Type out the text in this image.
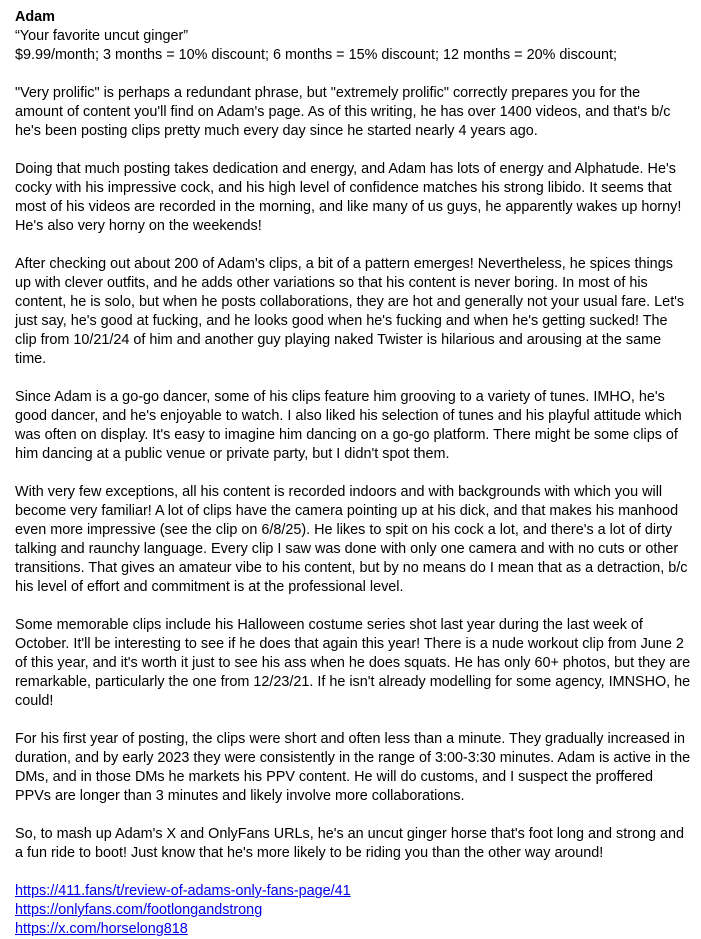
Adam

“Your favorite uncut ginger”

$9.99/month; 3 months = 10% discount; 6 months = 15% discount; 12 months = 20% discount;

"Very prolific" is perhaps a redundant phrase, but "extremely prolific" correctly prepares you for the amount of content you'll find on Adam's page. As of this writing, he has over 1400 videos, and that's b/c he's been posting clips pretty much every day since he started nearly 4 years ago.

Doing that much posting takes dedication and energy, and Adam has lots of energy and Alphatude. He's cocky with his impressive cock, and his high level of confidence matches his strong libido. It seems that most of his videos are recorded in the morning, and like many of us guys, he apparently wakes up horny! He's also very horny on the weekends!

After checking out about 200 of Adam's clips, a bit of a pattern emerges! Nevertheless, he spices things up with clever outfits, and he adds other variations so that his content is never boring. In most of his content, he is solo, but when he posts collaborations, they are hot and generally not your usual fare. Let's just say, he's good at fucking, and he looks good when he's fucking and when he's getting sucked! The clip from 10/21/24 of him and another guy playing naked Twister is hilarious and arousing at the same time.

Since Adam is a go-go dancer, some of his clips feature him grooving to a variety of tunes. IMHO, he's good dancer, and he's enjoyable to watch. I also liked his selection of tunes and his playful attitude which was often on display. It's easy to imagine him dancing on a go-go platform. There might be some clips of him dancing at a public venue or private party, but I didn't spot them.

With very few exceptions, all his content is recorded indoors and with backgrounds with which you will become very familiar! A lot of clips have the camera pointing up at his dick, and that makes his manhood even more impressive (see the clip on 6/8/25). He likes to spit on his cock a lot, and there's a lot of dirty talking and raunchy language. Every clip I saw was done with only one camera and with no cuts or other transitions. That gives an amateur vibe to his content, but by no means do I mean that as a detraction, b/c his level of effort and commitment is at the professional level.

Some memorable clips include his Halloween costume series shot last year during the last week of October. It'll be interesting to see if he does that again this year! There is a nude workout clip from June 2 of this year, and it's worth it just to see his ass when he does squats. He has only 60+ photos, but they are remarkable, particularly the one from 12/23/21. If he isn't already modelling for some agency, IMNSHO, he could!

For his first year of posting, the clips were short and often less than a minute. They gradually increased in duration, and by early 2023 they were consistently in the range of 3:00-3:30 minutes. Adam is active in the DMs, and in those DMs he markets his PPV content. He will do customs, and I suspect the proffered PPVs are longer than 3 minutes and likely involve more collaborations.

So, to mash up Adam's X and OnlyFans URLs, he's an uncut ginger horse that's foot long and strong and a fun ride to boot! Just know that he's more likely to be riding you than the other way around!

https://411.fans/t/review-of-adams-only-fans-page/41
https://onlyfans.com/footlongandstrong
https://x.com/horselong818
